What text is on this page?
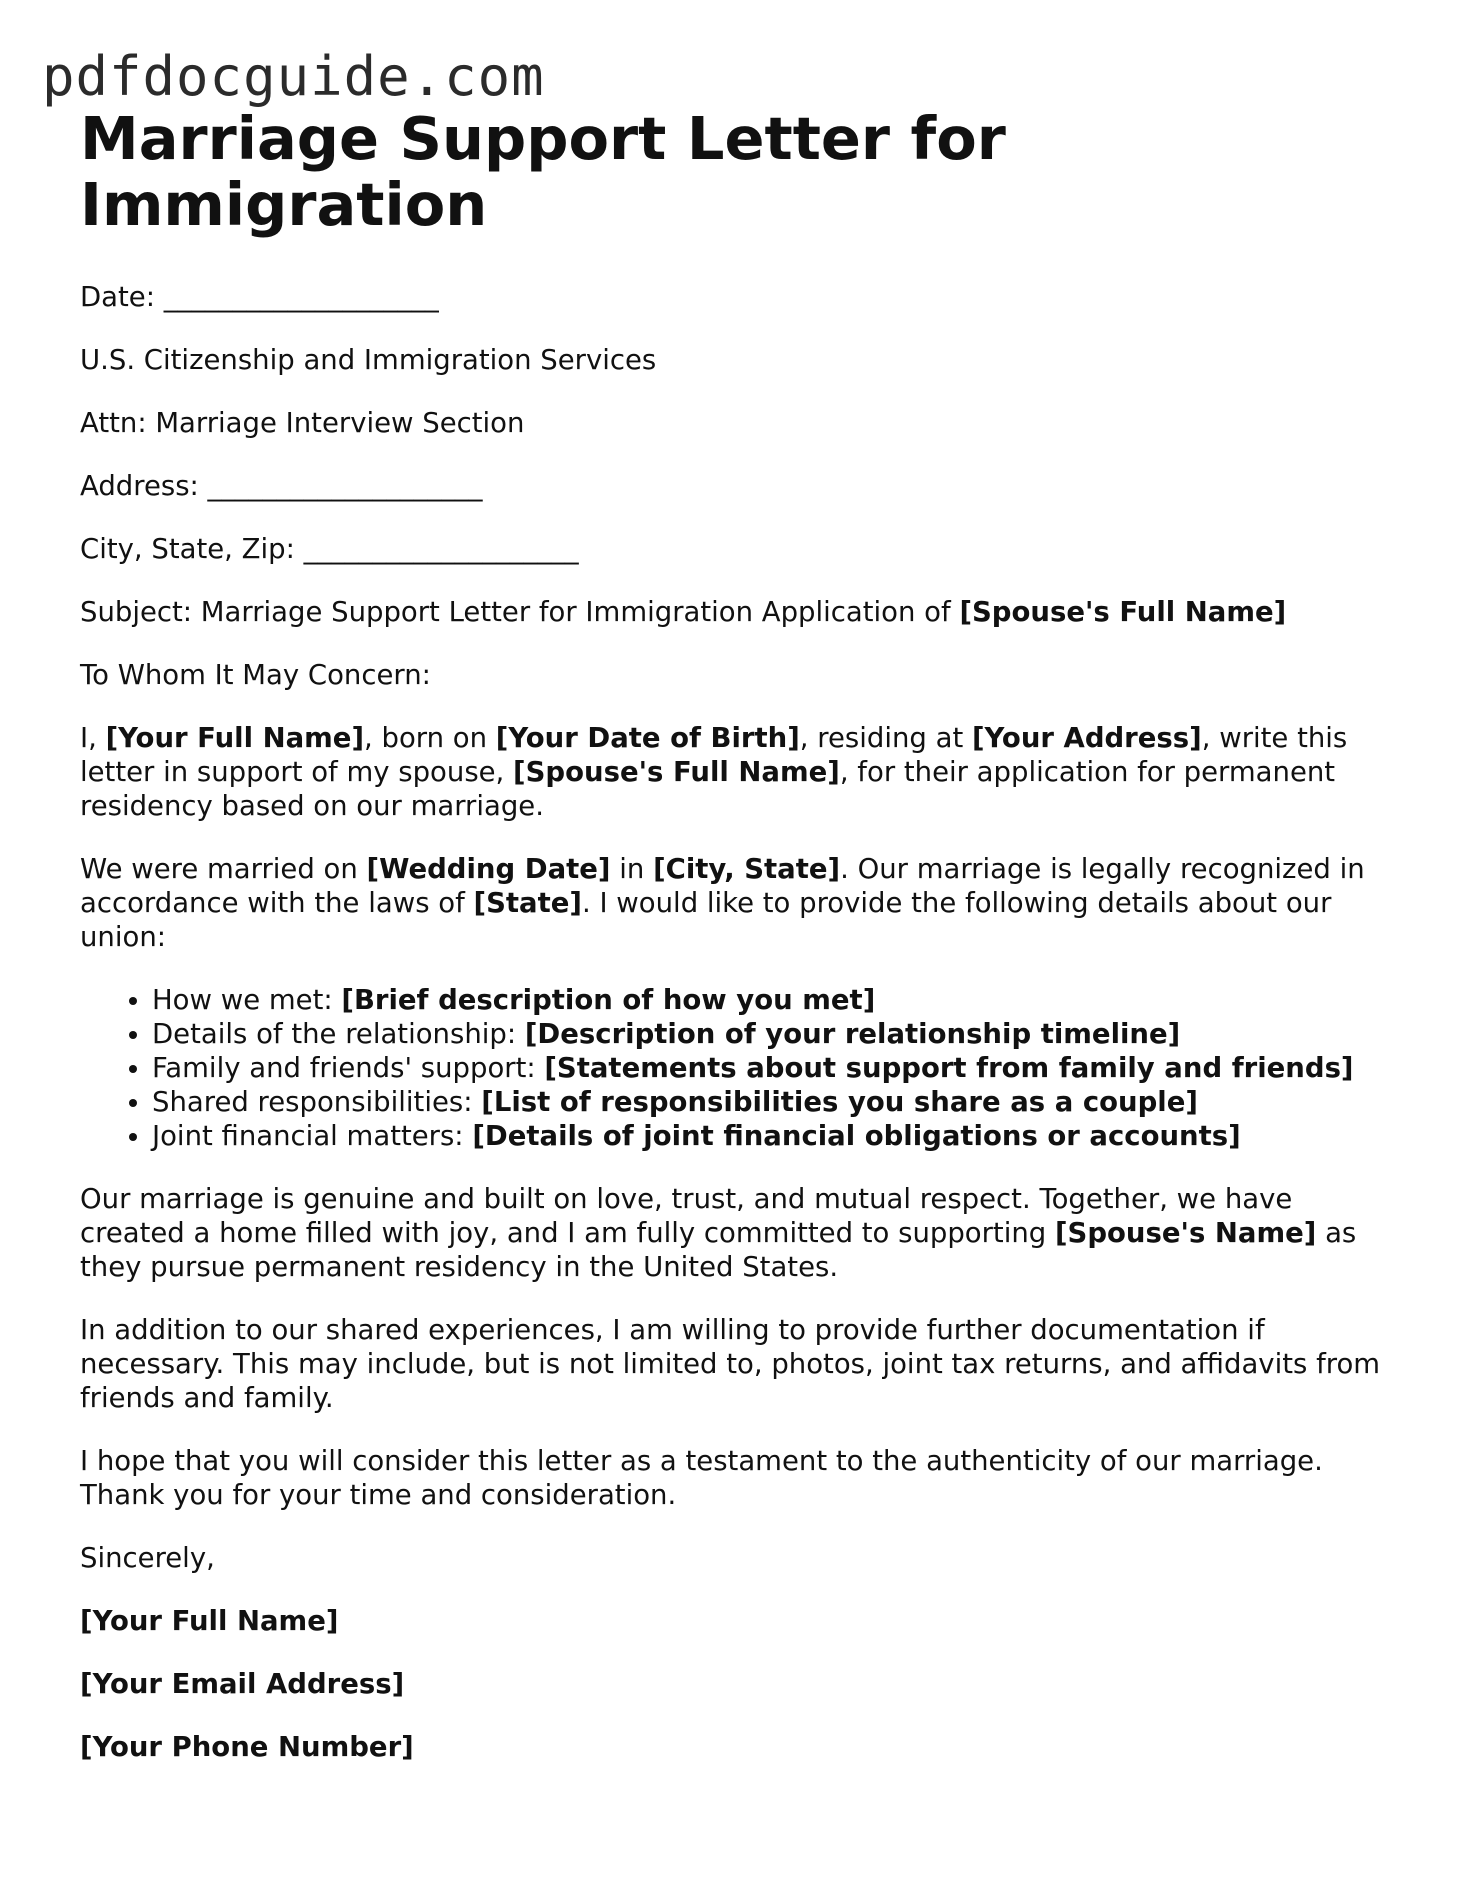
pdfdocguide.com
Marriage Support Letter for Immigration

Date: ____________________

U.S. Citizenship and Immigration Services

Attn: Marriage Interview Section

Address: ____________________

City, State, Zip: ____________________

Subject: Marriage Support Letter for Immigration Application of [Spouse's Full Name]

To Whom It May Concern:

I, [Your Full Name], born on [Your Date of Birth], residing at [Your Address], write this letter in support of my spouse, [Spouse's Full Name], for their application for permanent residency based on our marriage.

We were married on [Wedding Date] in [City, State]. Our marriage is legally recognized in accordance with the laws of [State]. I would like to provide the following details about our union:

• How we met: [Brief description of how you met]
• Details of the relationship: [Description of your relationship timeline]
• Family and friends' support: [Statements about support from family and friends]
• Shared responsibilities: [List of responsibilities you share as a couple]
• Joint financial matters: [Details of joint financial obligations or accounts]

Our marriage is genuine and built on love, trust, and mutual respect. Together, we have created a home filled with joy, and I am fully committed to supporting [Spouse's Name] as they pursue permanent residency in the United States.

In addition to our shared experiences, I am willing to provide further documentation if necessary. This may include, but is not limited to, photos, joint tax returns, and affidavits from friends and family.

I hope that you will consider this letter as a testament to the authenticity of our marriage. Thank you for your time and consideration.

Sincerely,

[Your Full Name]

[Your Email Address]

[Your Phone Number]
